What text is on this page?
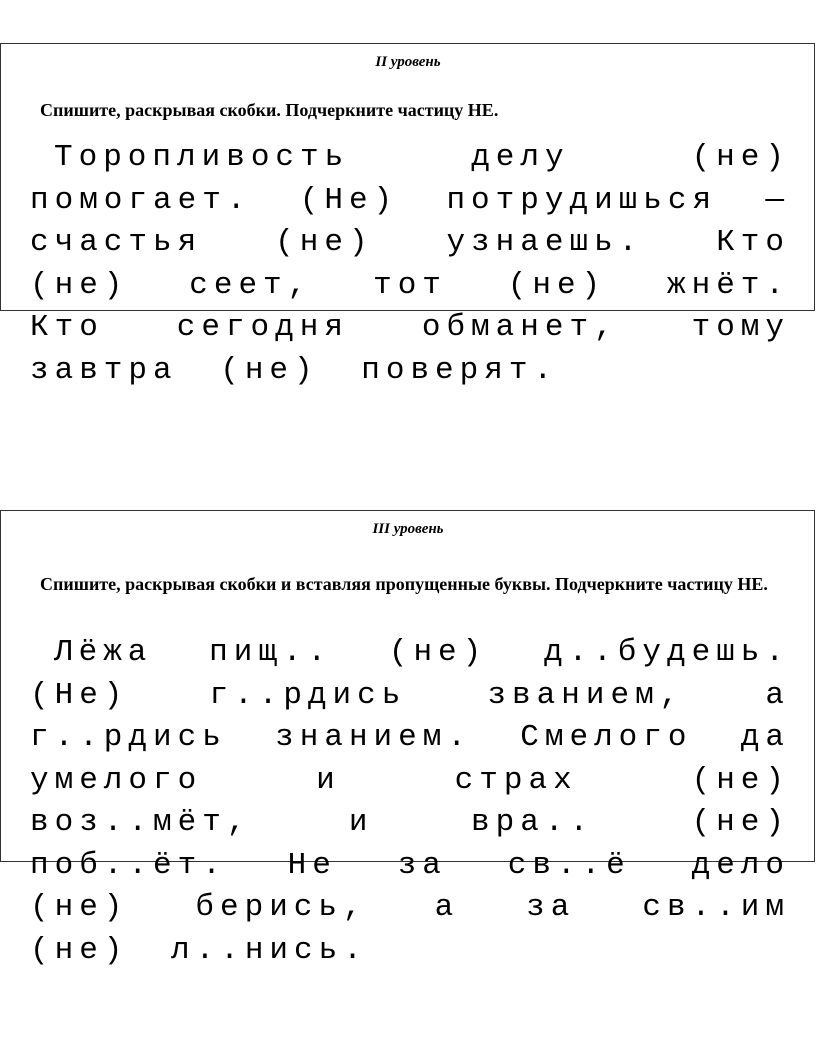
II уровень
Спишите, раскрывая скобки. Подчеркните частицу НЕ.
Торопливость делу (не) помогает. (Не) потрудишься — счастья (не) узнаешь. Кто (не) сеет, тот (не) жнёт. Кто сегодня обманет, тому завтра (не) поверят.
III уровень
Спишите, раскрывая скобки и вставляя пропущенные буквы. Подчеркните частицу НЕ.
Лёжа пищ.. (не) д..будешь. (Не) г..рдись званием, а г..рдись знанием. Смелого да умелого и страх (не) воз..мёт, и вра.. (не) поб..ёт. Не за св..ё дело (не) берись, а за св..им (не) л..нись.
